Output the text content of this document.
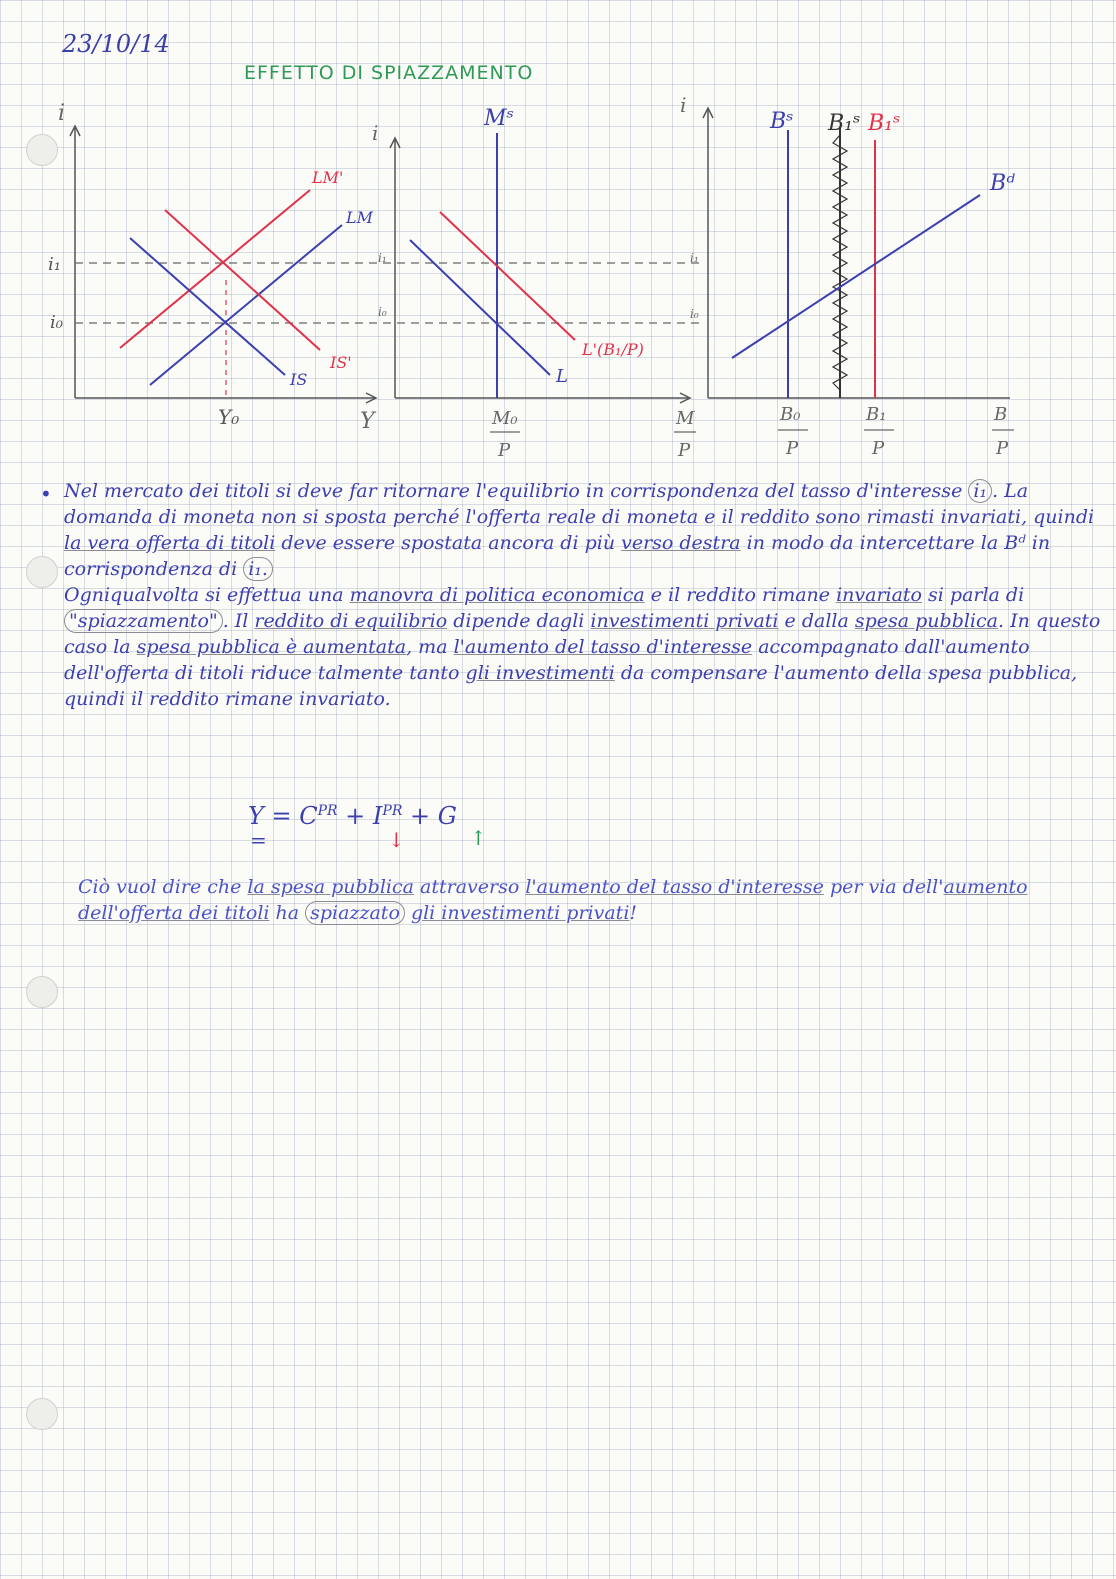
23/10/14
EFFETTO DI SPIAZZAMENTO
i
Y
i₁
i₀
Y₀
LM'
LM
IS
IS'
i
i₁
i₀
Mˢ
L
L'(B₁/P)
M₀
P
M
P
i
i₁
i₀
Bˢ B₁ˢ B₁ˢ
Bᵈ
B₀
P
B₁
P
B
P
• Nel mercato dei titoli si deve far ritornare l'equilibrio in corrispondenza del tasso d'interesse i₁ . La domanda di moneta non si sposta perché l'offerta reale di moneta e il reddito sono rimasti invariati, quindi la vera offerta di titoli deve essere spostata ancora di più verso destra in modo da intercettare la Bᵈ in corrispondenza di i₁.

Ogniqualvolta si effettua una manovra di politica economica e il reddito rimane invariato si parla di "spiazzamento" . Il reddito di equilibrio dipende dagli investimenti privati e dalla spesa pubblica. In questo caso la spesa pubblica è aumentata, ma l'aumento del tasso d'interesse accompagnato dall'aumento dell'offerta di titoli riduce talmente tanto gli investimenti da compensare l'aumento della spesa pubblica, quindi il reddito rimane invariato.

$Y = C^{PR} + I^{PR} + G$
=	↓	↑

Ciò vuol dire che la spesa pubblica attraverso l'aumento del tasso d'interesse per via dell'aumento dell'offerta dei titoli ha spiazzato gli investimenti privati!
